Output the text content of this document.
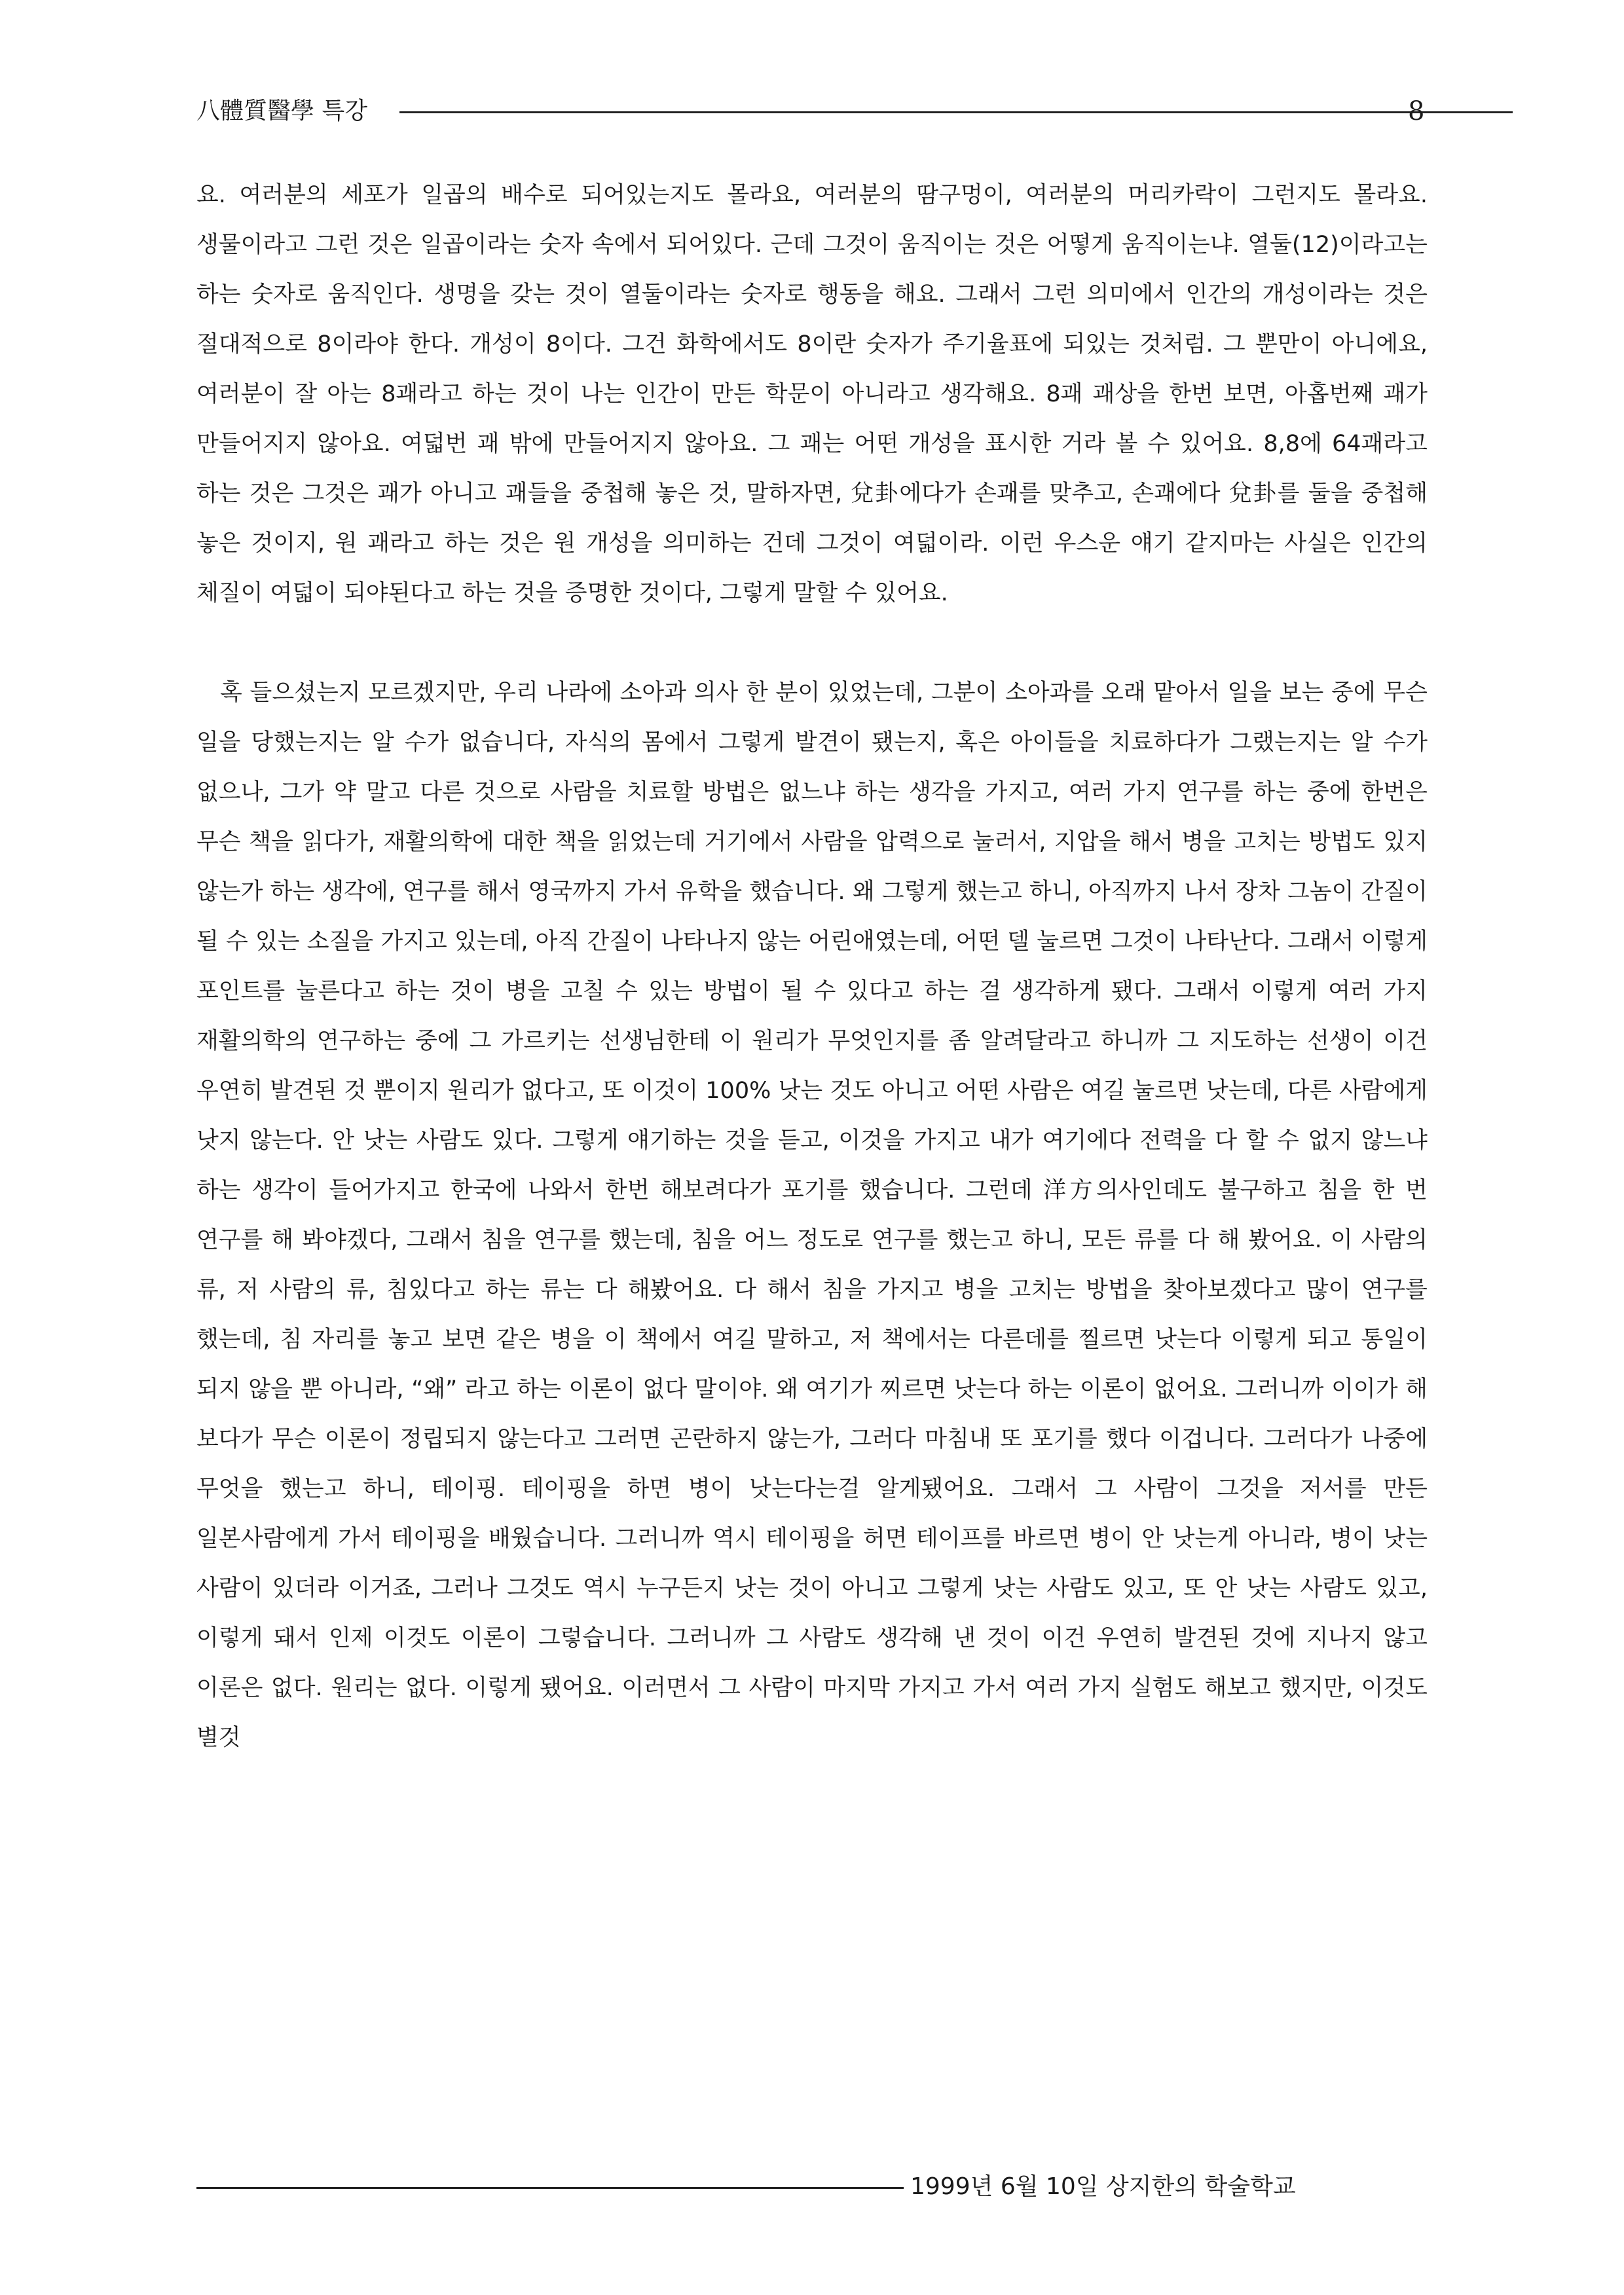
八體質醫學 특강	8

요. 여러분의 세포가 일곱의 배수로 되어있는지도 몰라요, 여러분의 땀구멍이, 여러분의 머리카락이 그런지도 몰라요. 생물이라고 그런 것은 일곱이라는 숫자 속에서 되어있다. 근데 그것이 움직이는 것은 어떻게 움직이는냐. 열둘(12)이라고는 하는 숫자로 움직인다. 생명을 갖는 것이 열둘이라는 숫자로 행동을 해요. 그래서 그런 의미에서 인간의 개성이라는 것은 절대적으로 8이라야 한다. 개성이 8이다. 그건 화학에서도 8이란 숫자가 주기율표에 되있는 것처럼. 그 뿐만이 아니에요, 여러분이 잘 아는 8괘라고 하는 것이 나는 인간이 만든 학문이 아니라고 생각해요. 8괘 괘상을 한번 보면, 아홉번째 괘가 만들어지지 않아요. 여덟번 괘 밖에 만들어지지 않아요. 그 괘는 어떤 개성을 표시한 거라 볼 수 있어요. 8,8에 64괘라고 하는 것은 그것은 괘가 아니고 괘들을 중첩해 놓은 것, 말하자면, 兌卦에다가 손괘를 맞추고, 손괘에다 兌卦를 둘을 중첩해 놓은 것이지, 원 괘라고 하는 것은 원 개성을 의미하는 건데 그것이 여덟이라. 이런 우스운 얘기 같지마는 사실은 인간의 체질이 여덟이 되야된다고 하는 것을 증명한 것이다, 그렇게 말할 수 있어요.

혹 들으셨는지 모르겠지만, 우리 나라에 소아과 의사 한 분이 있었는데, 그분이 소아과를 오래 맡아서 일을 보는 중에 무슨 일을 당했는지는 알 수가 없습니다, 자식의 몸에서 그렇게 발견이 됐는지, 혹은 아이들을 치료하다가 그랬는지는 알 수가 없으나, 그가 약 말고 다른 것으로 사람을 치료할 방법은 없느냐 하는 생각을 가지고, 여러 가지 연구를 하는 중에 한번은 무슨 책을 읽다가, 재활의학에 대한 책을 읽었는데 거기에서 사람을 압력으로 눌러서, 지압을 해서 병을 고치는 방법도 있지 않는가 하는 생각에, 연구를 해서 영국까지 가서 유학을 했습니다. 왜 그렇게 했는고 하니, 아직까지 나서 장차 그놈이 간질이 될 수 있는 소질을 가지고 있는데, 아직 간질이 나타나지 않는 어린애였는데, 어떤 델 눌르면 그것이 나타난다. 그래서 이렇게 포인트를 눌른다고 하는 것이 병을 고칠 수 있는 방법이 될 수 있다고 하는 걸 생각하게 됐다. 그래서 이렇게 여러 가지 재활의학의 연구하는 중에 그 가르키는 선생님한테 이 원리가 무엇인지를 좀 알려달라고 하니까 그 지도하는 선생이 이건 우연히 발견된 것 뿐이지 원리가 없다고, 또 이것이 100% 낫는 것도 아니고 어떤 사람은 여길 눌르면 낫는데, 다른 사람에게 낫지 않는다. 안 낫는 사람도 있다. 그렇게 얘기하는 것을 듣고, 이것을 가지고 내가 여기에다 전력을 다 할 수 없지 않느냐 하는 생각이 들어가지고 한국에 나와서 한번 해보려다가 포기를 했습니다. 그런데 洋方의사인데도 불구하고 침을 한 번 연구를 해 봐야겠다, 그래서 침을 연구를 했는데, 침을 어느 정도로 연구를 했는고 하니, 모든 류를 다 해 봤어요. 이 사람의 류, 저 사람의 류, 침있다고 하는 류는 다 해봤어요. 다 해서 침을 가지고 병을 고치는 방법을 찾아보겠다고 많이 연구를 했는데, 침 자리를 놓고 보면 같은 병을 이 책에서 여길 말하고, 저 책에서는 다른데를 찔르면 낫는다 이렇게 되고 통일이 되지 않을 뿐 아니라, “왜” 라고 하는 이론이 없다 말이야. 왜 여기가 찌르면 낫는다 하는 이론이 없어요. 그러니까 이이가 해 보다가 무슨 이론이 정립되지 않는다고 그러면 곤란하지 않는가, 그러다 마침내 또 포기를 했다 이겁니다. 그러다가 나중에 무엇을 했는고 하니, 테이핑. 테이핑을 하면 병이 낫는다는걸 알게됐어요. 그래서 그 사람이 그것을 저서를 만든 일본사람에게 가서 테이핑을 배웠습니다. 그러니까 역시 테이핑을 허면 테이프를 바르면 병이 안 낫는게 아니라, 병이 낫는 사람이 있더라 이거죠, 그러나 그것도 역시 누구든지 낫는 것이 아니고 그렇게 낫는 사람도 있고, 또 안 낫는 사람도 있고, 이렇게 돼서 인제 이것도 이론이 그렇습니다. 그러니까 그 사람도 생각해 낸 것이 이건 우연히 발견된 것에 지나지 않고 이론은 없다. 원리는 없다. 이렇게 됐어요. 이러면서 그 사람이 마지막 가지고 가서 여러 가지 실험도 해보고 했지만, 이것도 별것

1999년 6월 10일 상지한의 학술학교
